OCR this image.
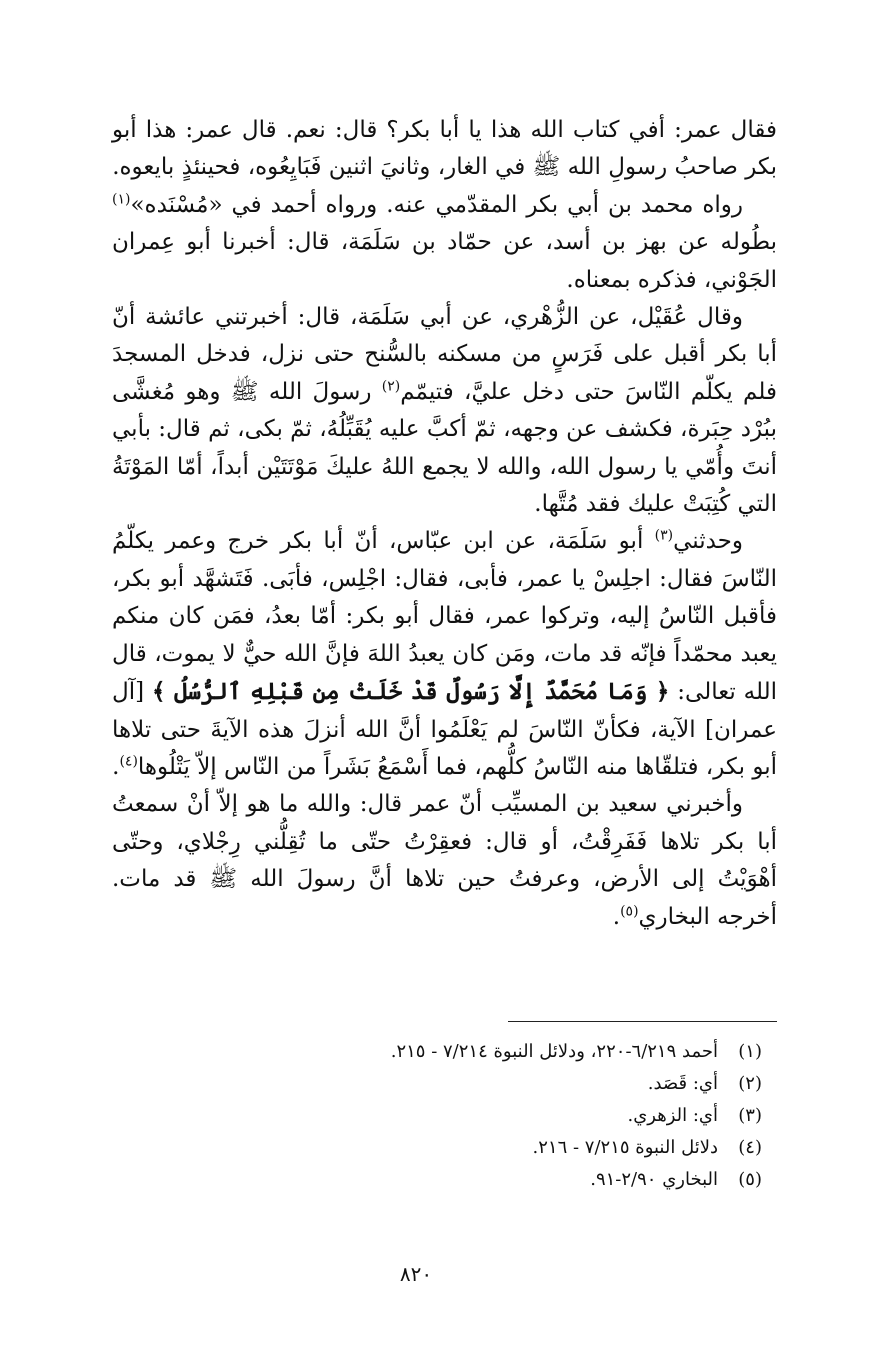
فقال عمر: أفي كتاب الله هذا يا أبا بكر؟ قال: نعم. قال عمر: هذا أبو بكر صاحبُ رسولِ الله ﷺ في الغار، وثانيَ اثنين فَبَايِعُوه، فحينئذٍ بايعوه.

رواه محمد بن أبي بكر المقدّمي عنه. ورواه أحمد في «مُسْنَده»$^{(١)}$ بطُوله عن بهز بن أسد، عن حمّاد بن سَلَمَة، قال: أخبرنا أبو عِمران الجَوْني، فذكره بمعناه.

وقال عُقَيْل، عن الزُّهْري، عن أبي سَلَمَة، قال: أخبرتني عائشة أنّ أبا بكر أقبل على فَرَسٍ من مسكنه بالسُّنح حتى نزل، فدخل المسجدَ فلم يكلّم النّاسَ حتى دخل عليَّ، فتيمّم$^{(٢)}$ رسولَ الله ﷺ وهو مُغشَّى ببُرْد حِبَرة، فكشف عن وجهه، ثمّ أكبَّ عليه يُقَبِّلُهُ، ثمّ بكى، ثم قال: بأبي أنتَ وأُمّي يا رسول الله، والله لا يجمع اللهُ عليكَ مَوْتَتَيْن أبداً، أمّا المَوْتَةُ التي كُتِبَتْ عليك فقد مُتَّها.

وحدثني$^{(٣)}$ أبو سَلَمَة، عن ابن عبّاس، أنّ أبا بكر خرج وعمر يكلّمُ النّاسَ فقال: اجلِسْ يا عمر، فأبى، فقال: اجْلِس، فأبَى. فَتَشهَّد أبو بكر، فأقبل النّاسُ إليه، وتركوا عمر، فقال أبو بكر: أمّا بعدُ، فمَن كان منكم يعبد محمّداً فإنّه قد مات، ومَن كان يعبدُ اللهَ فإنَّ الله حيٌّ لا يموت، قال الله تعالى: ﴿ وَمَا مُحَمَّدٌ إِلَّا رَسُولٌ قَدْ خَلَتْ مِن قَبْلِهِ ٱلرُّسُلُ ﴾ [آل عمران] الآية، فكأنّ النّاسَ لم يَعْلَمُوا أنَّ الله أنزلَ هذه الآيةَ حتى تلاها أبو بكر، فتلقّاها منه النّاسُ كلُّهم، فما أَسْمَعُ بَشَراً من النّاس إلاّ يَتْلُوها$^{(٤)}$.

وأخبرني سعيد بن المسيِّب أنّ عمر قال: والله ما هو إلاّ أنْ سمعتُ أبا بكر تلاها فَفَرِقْتُ، أو قال: فعقِرْتُ حتّى ما تُقِلُّني رِجْلاي، وحتّى أهْوَيْتُ إلى الأرض، وعرفتُ حين تلاها أنَّ رسولَ الله ﷺ قد مات. أخرجه البخاري$^{(٥)}$.

(١)أحمد ٦/٢١٩-٢٢٠، ودلائل النبوة ٧/٢١٤ - ٢١٥.
(٢)أي: قَصَد.
(٣)أي: الزهري.
(٤)دلائل النبوة ٧/٢١٥ - ٢١٦.
(٥)البخاري ٢/٩٠-٩١.
٨٢٠
